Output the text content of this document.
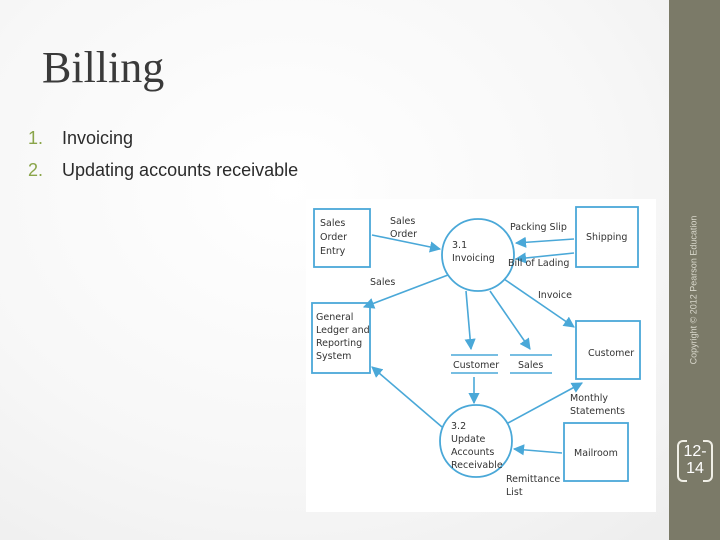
Billing
1.	Invoicing
2.	Updating accounts receivable
Sales
Order
Entry
Shipping
General
Ledger and
Reporting
System	Customer
Mailroom
3.1
Invoicing
3.2
Update
Accounts
Receivable
Customer Sales
Sales
Order
Packing Slip
Bill of Lading
Sales
Invoice
Monthly
Statements
Remittance
List
Copyright © 2012 Pearson Education
12-14
